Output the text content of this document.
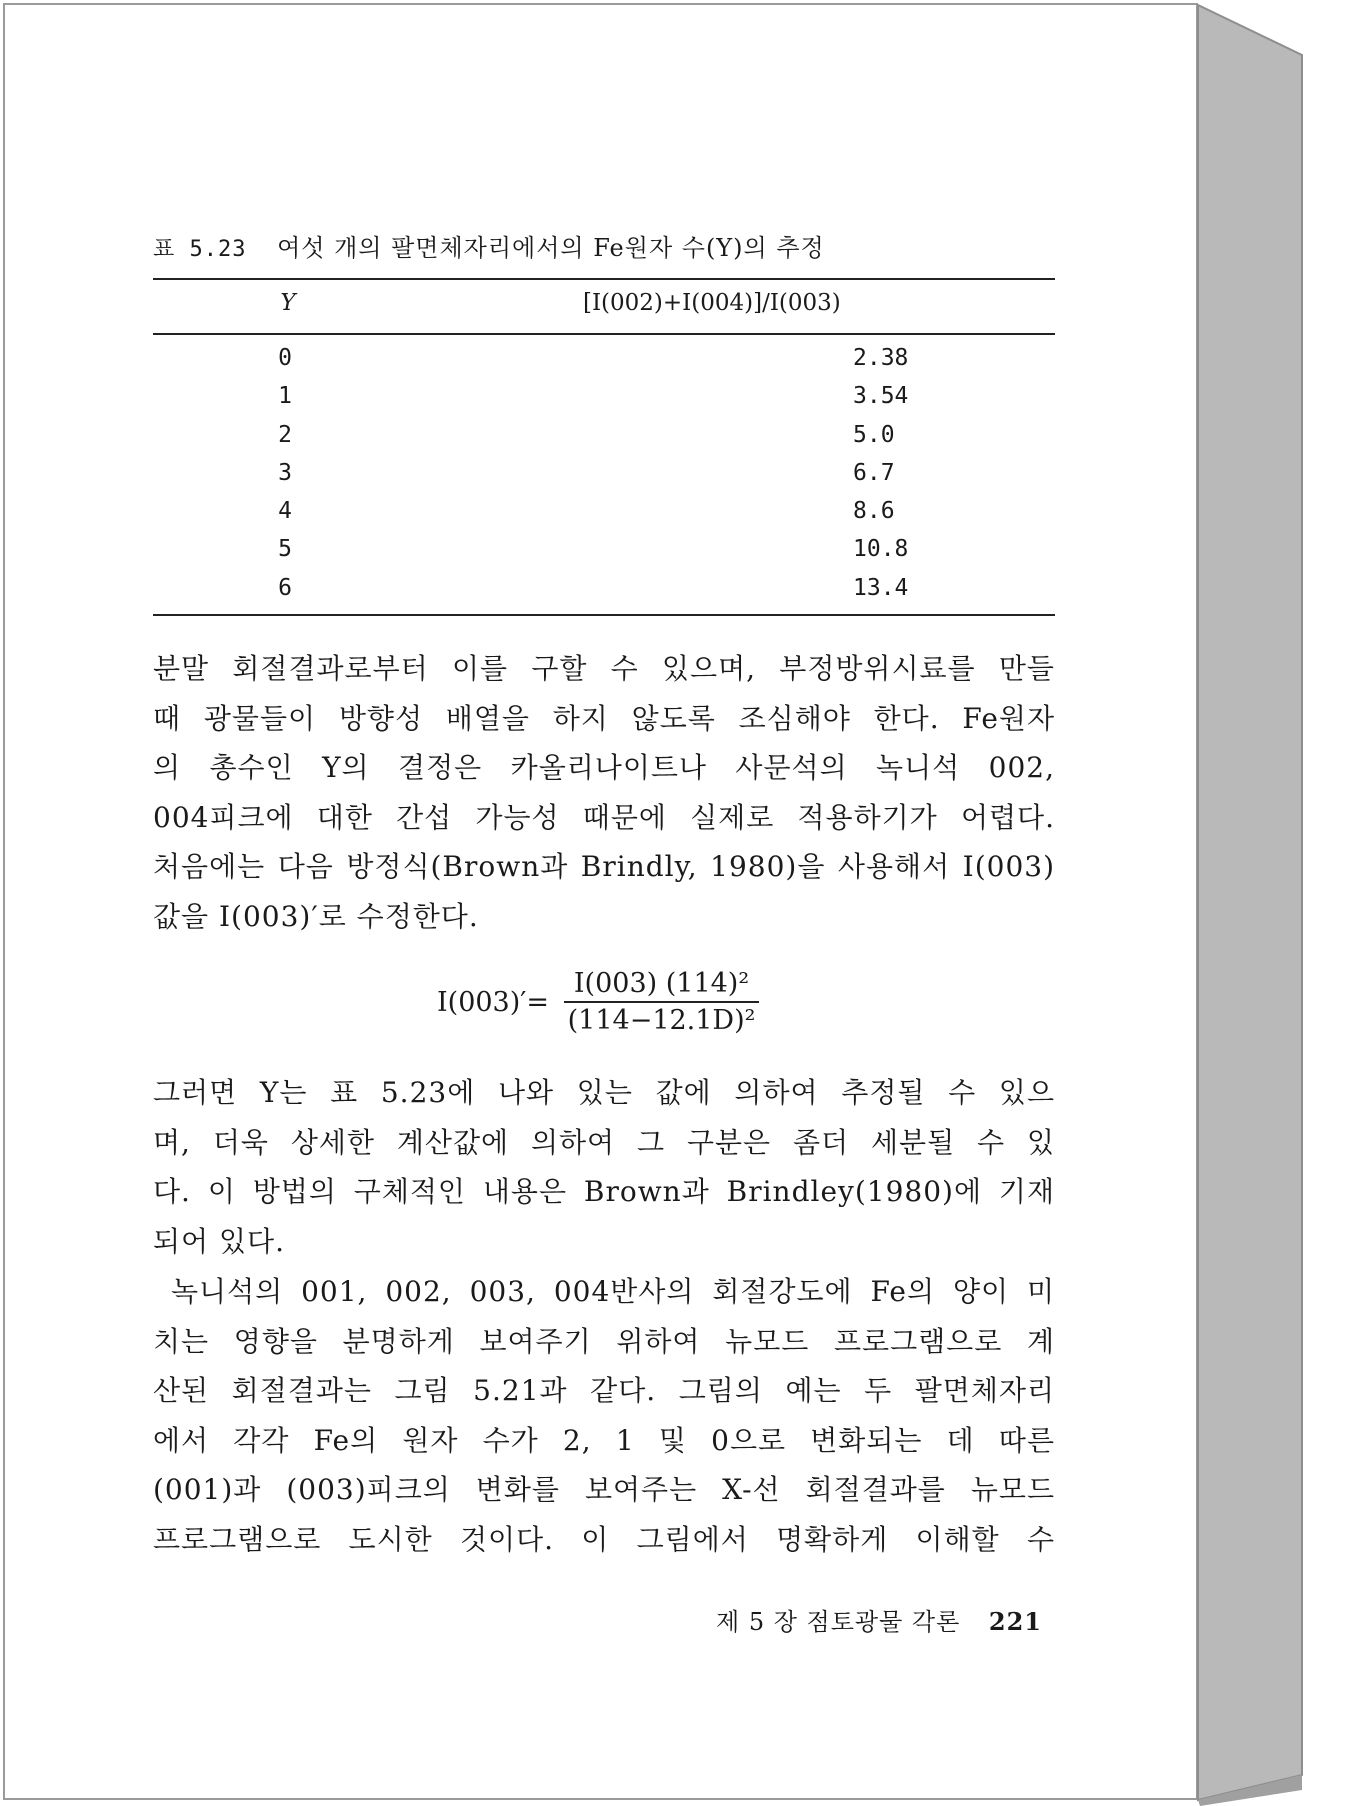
표 5.23 여섯 개의 팔면체자리에서의 Fe원자 수(Y)의 추정
Y	[I(002)+I(004)]/I(003)
0	2.38
1	3.54
2	5.0
3	6.7
4	8.6
5	10.8
6	13.4
분말 회절결과로부터 이를 구할 수 있으며, 부정방위시료를 만들
때 광물들이 방향성 배열을 하지 않도록 조심해야 한다. Fe원자
의 총수인 Y의 결정은 카올리나이트나 사문석의 녹니석 002,
004피크에 대한 간섭 가능성 때문에 실제로 적용하기가 어렵다.
처음에는 다음 방정식(Brown과 Brindly, 1980)을 사용해서 I(003)
값을 I(003)′로 수정한다.
$I(003)'= \frac{\text{I(003) (114)²}}{\text{(114−12.1D)²}}$
그러면 Y는 표 5.23에 나와 있는 값에 의하여 추정될 수 있으
며, 더욱 상세한 계산값에 의하여 그 구분은 좀더 세분될 수 있
다. 이 방법의 구체적인 내용은 Brown과 Brindley(1980)에 기재
되어 있다.
녹니석의 001, 002, 003, 004반사의 회절강도에 Fe의 양이 미
치는 영향을 분명하게 보여주기 위하여 뉴모드 프로그램으로 계
산된 회절결과는 그림 5.21과 같다. 그림의 예는 두 팔면체자리
에서 각각 Fe의 원자 수가 2, 1 및 0으로 변화되는 데 따른
(001)과 (003)피크의 변화를 보여주는 X-선 회절결과를 뉴모드
프로그램으로 도시한 것이다. 이 그림에서 명확하게 이해할 수
제 5 장 점토광물 각론 221
